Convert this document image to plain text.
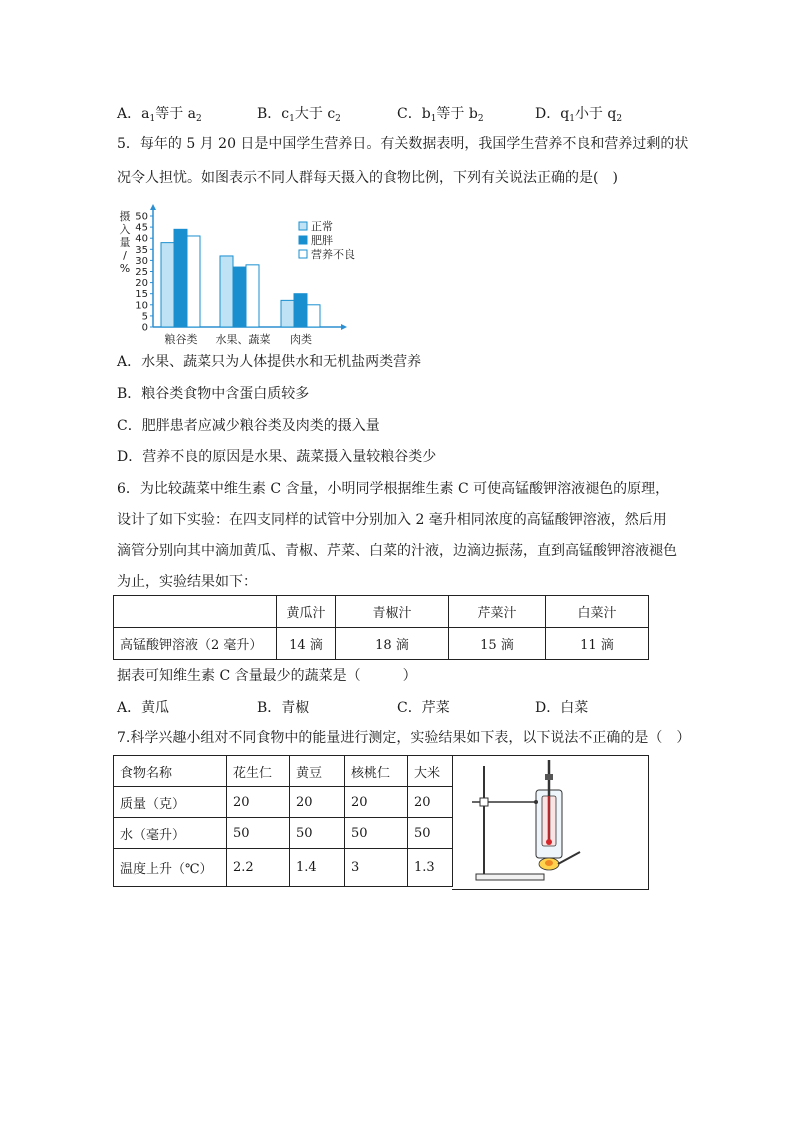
A．$a_1$等于 $a_2$	B．$c_1$大于 $c_2$	C．$b_1$等于 $b_2$	D．$q_1$小于 $q_2$
5．每年的 5 月 20 日是中国学生营养日。有关数据表明，我国学生营养不良和营养过剩的状
况令人担忧。如图表示不同人群每天摄入的食物比例，下列有关说法正确的是(　)
摄
入
量
/
%
0
5
10
15
20
25
30
35
40
45
50
粮谷类 水果、蔬菜 肉类
正常
肥胖
营养不良
A．水果、蔬菜只为人体提供水和无机盐两类营养
B．粮谷类食物中含蛋白质较多
C．肥胖患者应减少粮谷类及肉类的摄入量
D．营养不良的原因是水果、蔬菜摄入量较粮谷类少
6．为比较蔬菜中维生素 C 含量，小明同学根据维生素 C 可使高锰酸钾溶液褪色的原理，
设计了如下实验：在四支同样的试管中分别加入 2 毫升相同浓度的高锰酸钾溶液，然后用
滴管分别向其中滴加黄瓜、青椒、芹菜、白菜的汁液，边滴边振荡，直到高锰酸钾溶液褪色
为止，实验结果如下：
	黄瓜汁	青椒汁	芹菜汁	白菜汁
高锰酸钾溶液（2 毫升）	14 滴	18 滴	15 滴	11 滴
据表可知维生素 C 含量最少的蔬菜是（　　　）
A．黄瓜	B．青椒	C．芹菜	D．白菜
7.科学兴趣小组对不同食物中的能量进行测定，实验结果如下表，以下说法不正确的是（　）
食物名称	花生仁	黄豆	核桃仁	大米
质量（克）	20	20	20	20
水（毫升）	50	50	50	50
温度上升（℃）	2.2	1.4	3	1.3
